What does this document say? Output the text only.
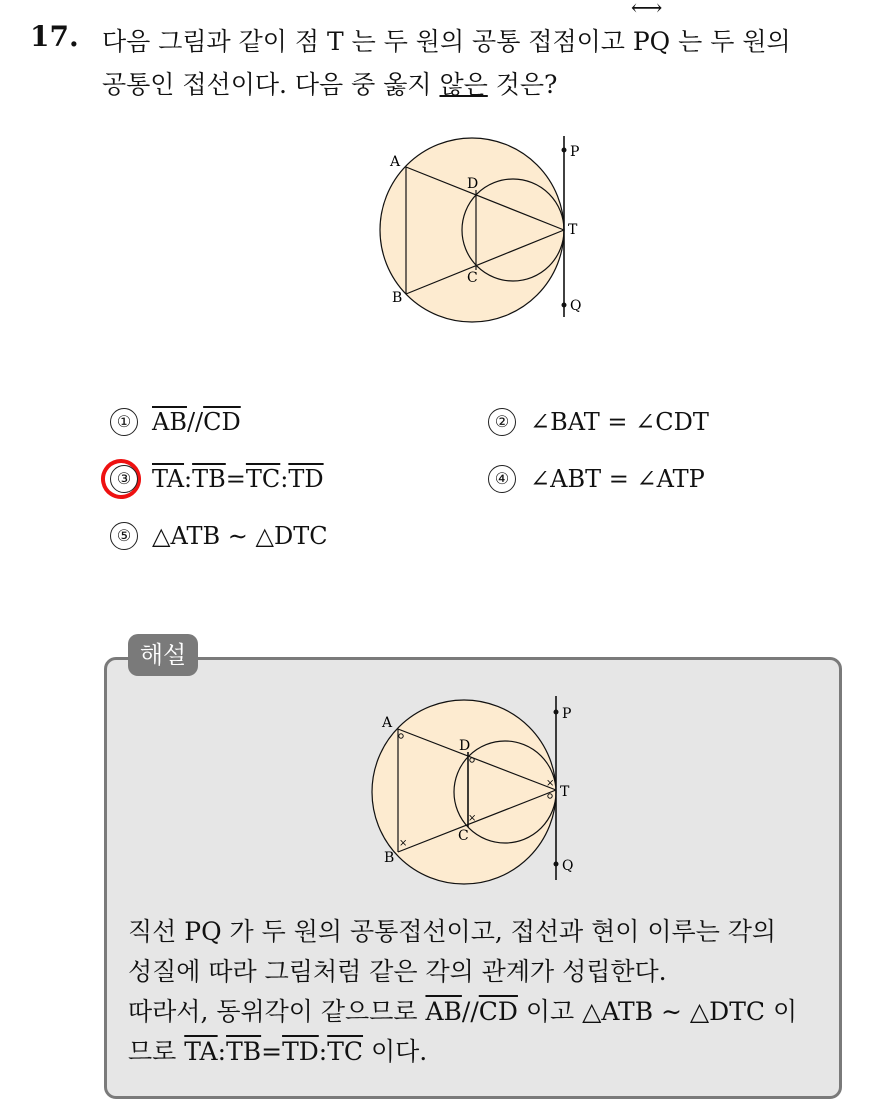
17. 다음 그림과 같이 점 T 는 두 원의 공통 접점이고 ⟷ PQ 는 두 원의
공통인 접선이다. 다음 중 옳지 않은 것은?
A
B
D
C
T
P
Q
① $\overline{AB}//\overline{CD}$	② ∠BAT = ∠CDT
③ $\overline{TA}:\overline{TB}=\overline{TC}:\overline{TD}$	④ ∠ABT = ∠ATP
⑤ △ATB ∼ △DTC
해설
×
×
×
A
B
D
C
T
P
Q
직선 PQ 가 두 원의 공통접선이고, 접선과 현이 이루는 각의
성질에 따라 그림처럼 같은 각의 관계가 성립한다.
따라서, 동위각이 같으므로 $\overline{AB}//\overline{CD}$ 이고 △ATB ∼ △DTC 이
므로 $\overline{TA}:\overline{TB}=\overline{TD}:\overline{TC}$ 이다.
